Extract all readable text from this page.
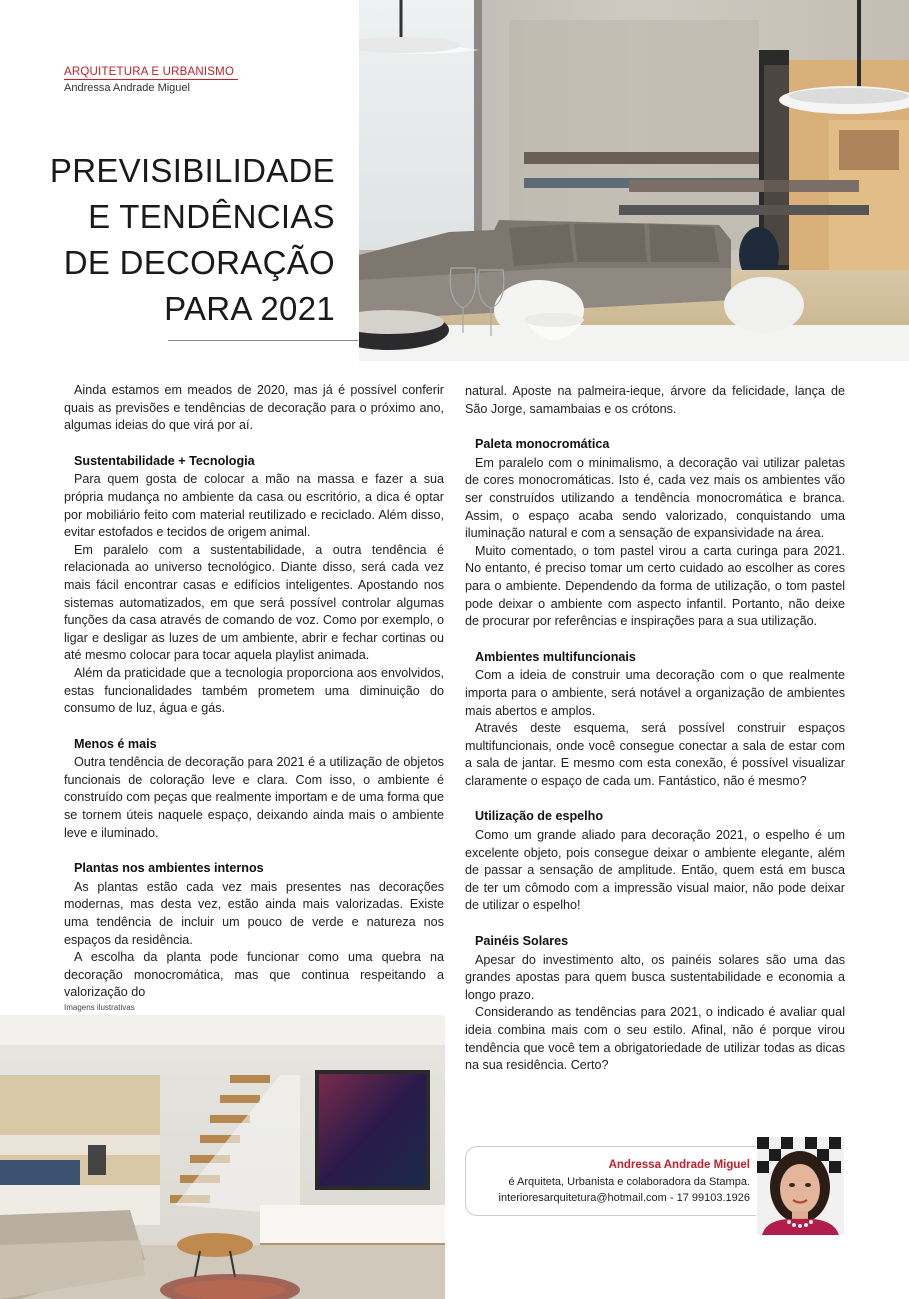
ARQUITETURA E URBANISMO
Andressa Andrade Miguel
PREVISIBILIDADE
E TENDÊNCIAS
DE DECORAÇÃO
PARA 2021

Ainda estamos em meados de 2020, mas já é possível conferir quais as previsões e tendências de decoração para o próximo ano, algumas ideias do que virá por aí.

Sustentabilidade + Tecnologia

Para quem gosta de colocar a mão na massa e fazer a sua própria mudança no ambiente da casa ou escritório, a dica é optar por mobiliário feito com material reutilizado e reciclado. Além disso, evitar estofados e tecidos de origem animal.

Em paralelo com a sustentabilidade, a outra tendência é relacionada ao universo tecnológico. Diante disso, será cada vez mais fácil encontrar casas e edifícios inteligentes. Apostando nos sistemas automatizados, em que será possível controlar algumas funções da casa através de comando de voz. Como por exemplo, o ligar e desligar as luzes de um ambiente, abrir e fechar cortinas ou até mesmo colocar para tocar aquela playlist animada.

Além da praticidade que a tecnologia proporciona aos envolvidos, estas funcionalidades também prometem uma diminuição do consumo de luz, água e gás.

Menos é mais

Outra tendência de decoração para 2021 é a utilização de objetos funcionais de coloração leve e clara. Com isso, o ambiente é construído com peças que realmente importam e de uma forma que se tornem úteis naquele espaço, deixando ainda mais o ambiente leve e iluminado.

Plantas nos ambientes internos

As plantas estão cada vez mais presentes nas decorações modernas, mas desta vez, estão ainda mais valorizadas. Existe uma tendência de incluir um pouco de verde e natureza nos espaços da residência.

A escolha da planta pode funcionar como uma quebra na decoração monocromática, mas que continua respeitando a valorização do

natural. Aposte na palmeira-ieque, árvore da felicidade, lança de São Jorge, samambaias e os crótons.

Paleta monocromática

Em paralelo com o minimalismo, a decoração vai utilizar paletas de cores monocromáticas. Isto é, cada vez mais os ambientes vão ser construídos utilizando a tendência monocromática e branca. Assim, o espaço acaba sendo valorizado, conquistando uma iluminação natural e com a sensação de expansividade na área.

Muito comentado, o tom pastel virou a carta curinga para 2021. No entanto, é preciso tomar um certo cuidado ao escolher as cores para o ambiente. Dependendo da forma de utilização, o tom pastel pode deixar o ambiente com aspecto infantil. Portanto, não deixe de procurar por referências e inspirações para a sua utilização.

Ambientes multifuncionais

Com a ideia de construir uma decoração com o que realmente importa para o ambiente, será notável a organização de ambientes mais abertos e amplos.

Através deste esquema, será possível construir espaços multifuncionais, onde você consegue conectar a sala de estar com a sala de jantar. E mesmo com esta conexão, é possível visualizar claramente o espaço de cada um. Fantástico, não é mesmo?

Utilização de espelho

Como um grande aliado para decoração 2021, o espelho é um excelente objeto, pois consegue deixar o ambiente elegante, além de passar a sensação de amplitude. Então, quem está em busca de ter um cômodo com a impressão visual maior, não pode deixar de utilizar o espelho!

Painéis Solares

Apesar do investimento alto, os painéis solares são uma das grandes apostas para quem busca sustentabilidade e economia a longo prazo.

Considerando as tendências para 2021, o indicado é avaliar qual ideia combina mais com o seu estilo. Afinal, não é porque virou tendência que você tem a obrigatoriedade de utilizar todas as dicas na sua residência. Certo?

Imagens ilustrativas
Andressa Andrade Miguel
é Arquiteta, Urbanista e colaboradora da Stampa.
interioresarquitetura@hotmail.com - 17 99103.1926
